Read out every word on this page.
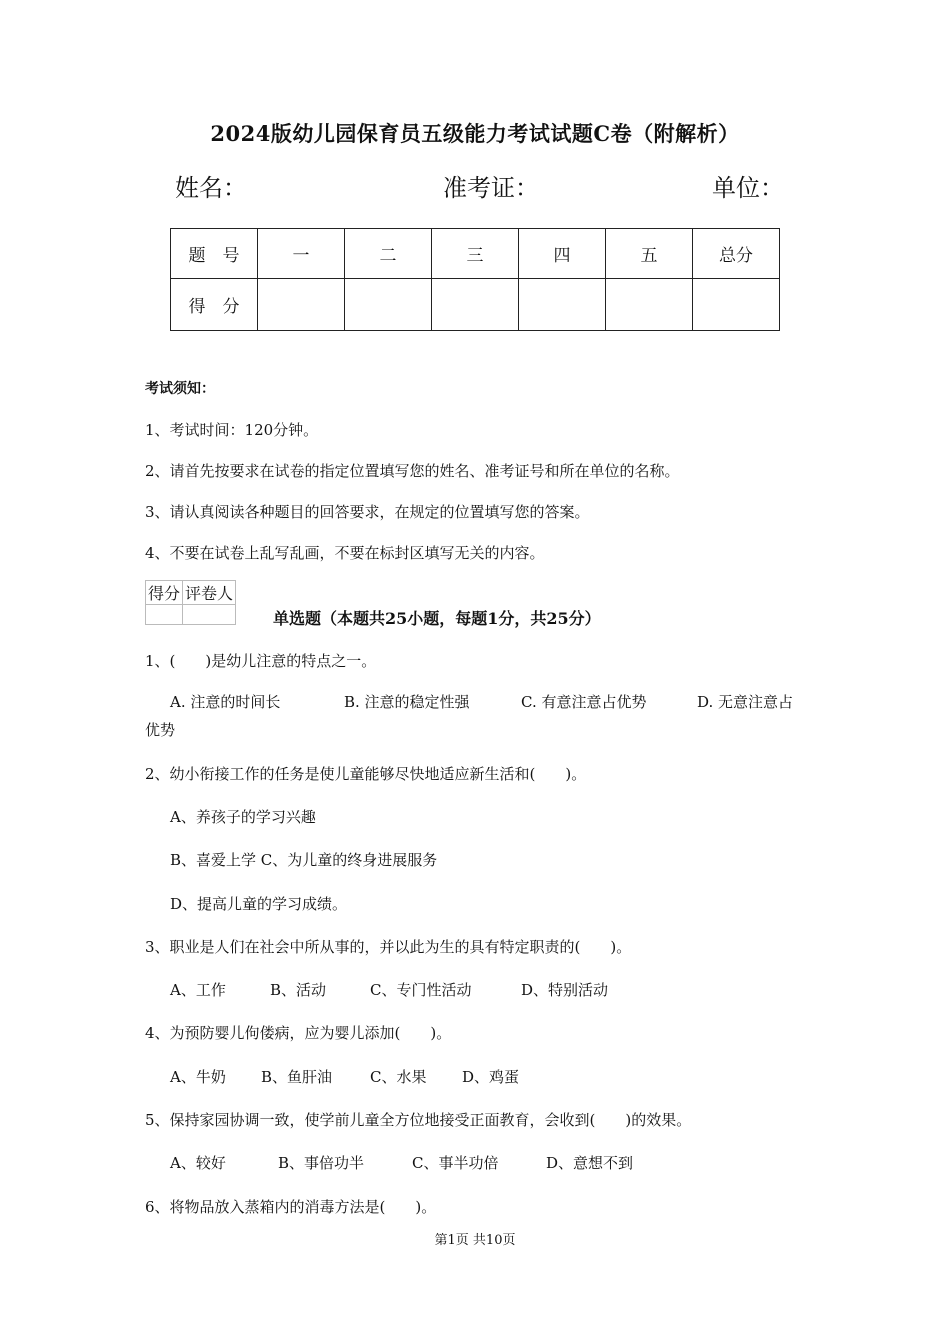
2024版幼儿园保育员五级能力考试试题C卷（附解析）
姓名：	准考证：	单位：
题　号	一	二	三	四	五	总分
得　分						
考试须知：
1、考试时间：120分钟。
2、请首先按要求在试卷的指定位置填写您的姓名、准考证号和所在单位的名称。
3、请认真阅读各种题目的回答要求，在规定的位置填写您的答案。
4、不要在试卷上乱写乱画，不要在标封区填写无关的内容。
得分	评卷人

单选题（本题共25小题，每题1分，共25分）
1、(　　)是幼儿注意的特点之一。
A. 注意的时间长	B. 注意的稳定性强	C. 有意注意占优势	D. 无意注意占
优势
2、幼小衔接工作的任务是使儿童能够尽快地适应新生活和(　　)。
A、养孩子的学习兴趣
B、喜爱上学 C、为儿童的终身进展服务
D、提高儿童的学习成绩。
3、职业是人们在社会中所从事的，并以此为生的具有特定职责的(　　)。
A、工作	B、活动	C、专门性活动	D、特别活动
4、为预防婴儿佝偻病，应为婴儿添加(　　)。
A、牛奶 B、鱼肝油	C、水果 D、鸡蛋
5、保持家园协调一致，使学前儿童全方位地接受正面教育，会收到(　　)的效果。
A、较好	B、事倍功半	C、事半功倍	D、意想不到
6、将物品放入蒸箱内的消毒方法是(　　)。
第1页 共10页
